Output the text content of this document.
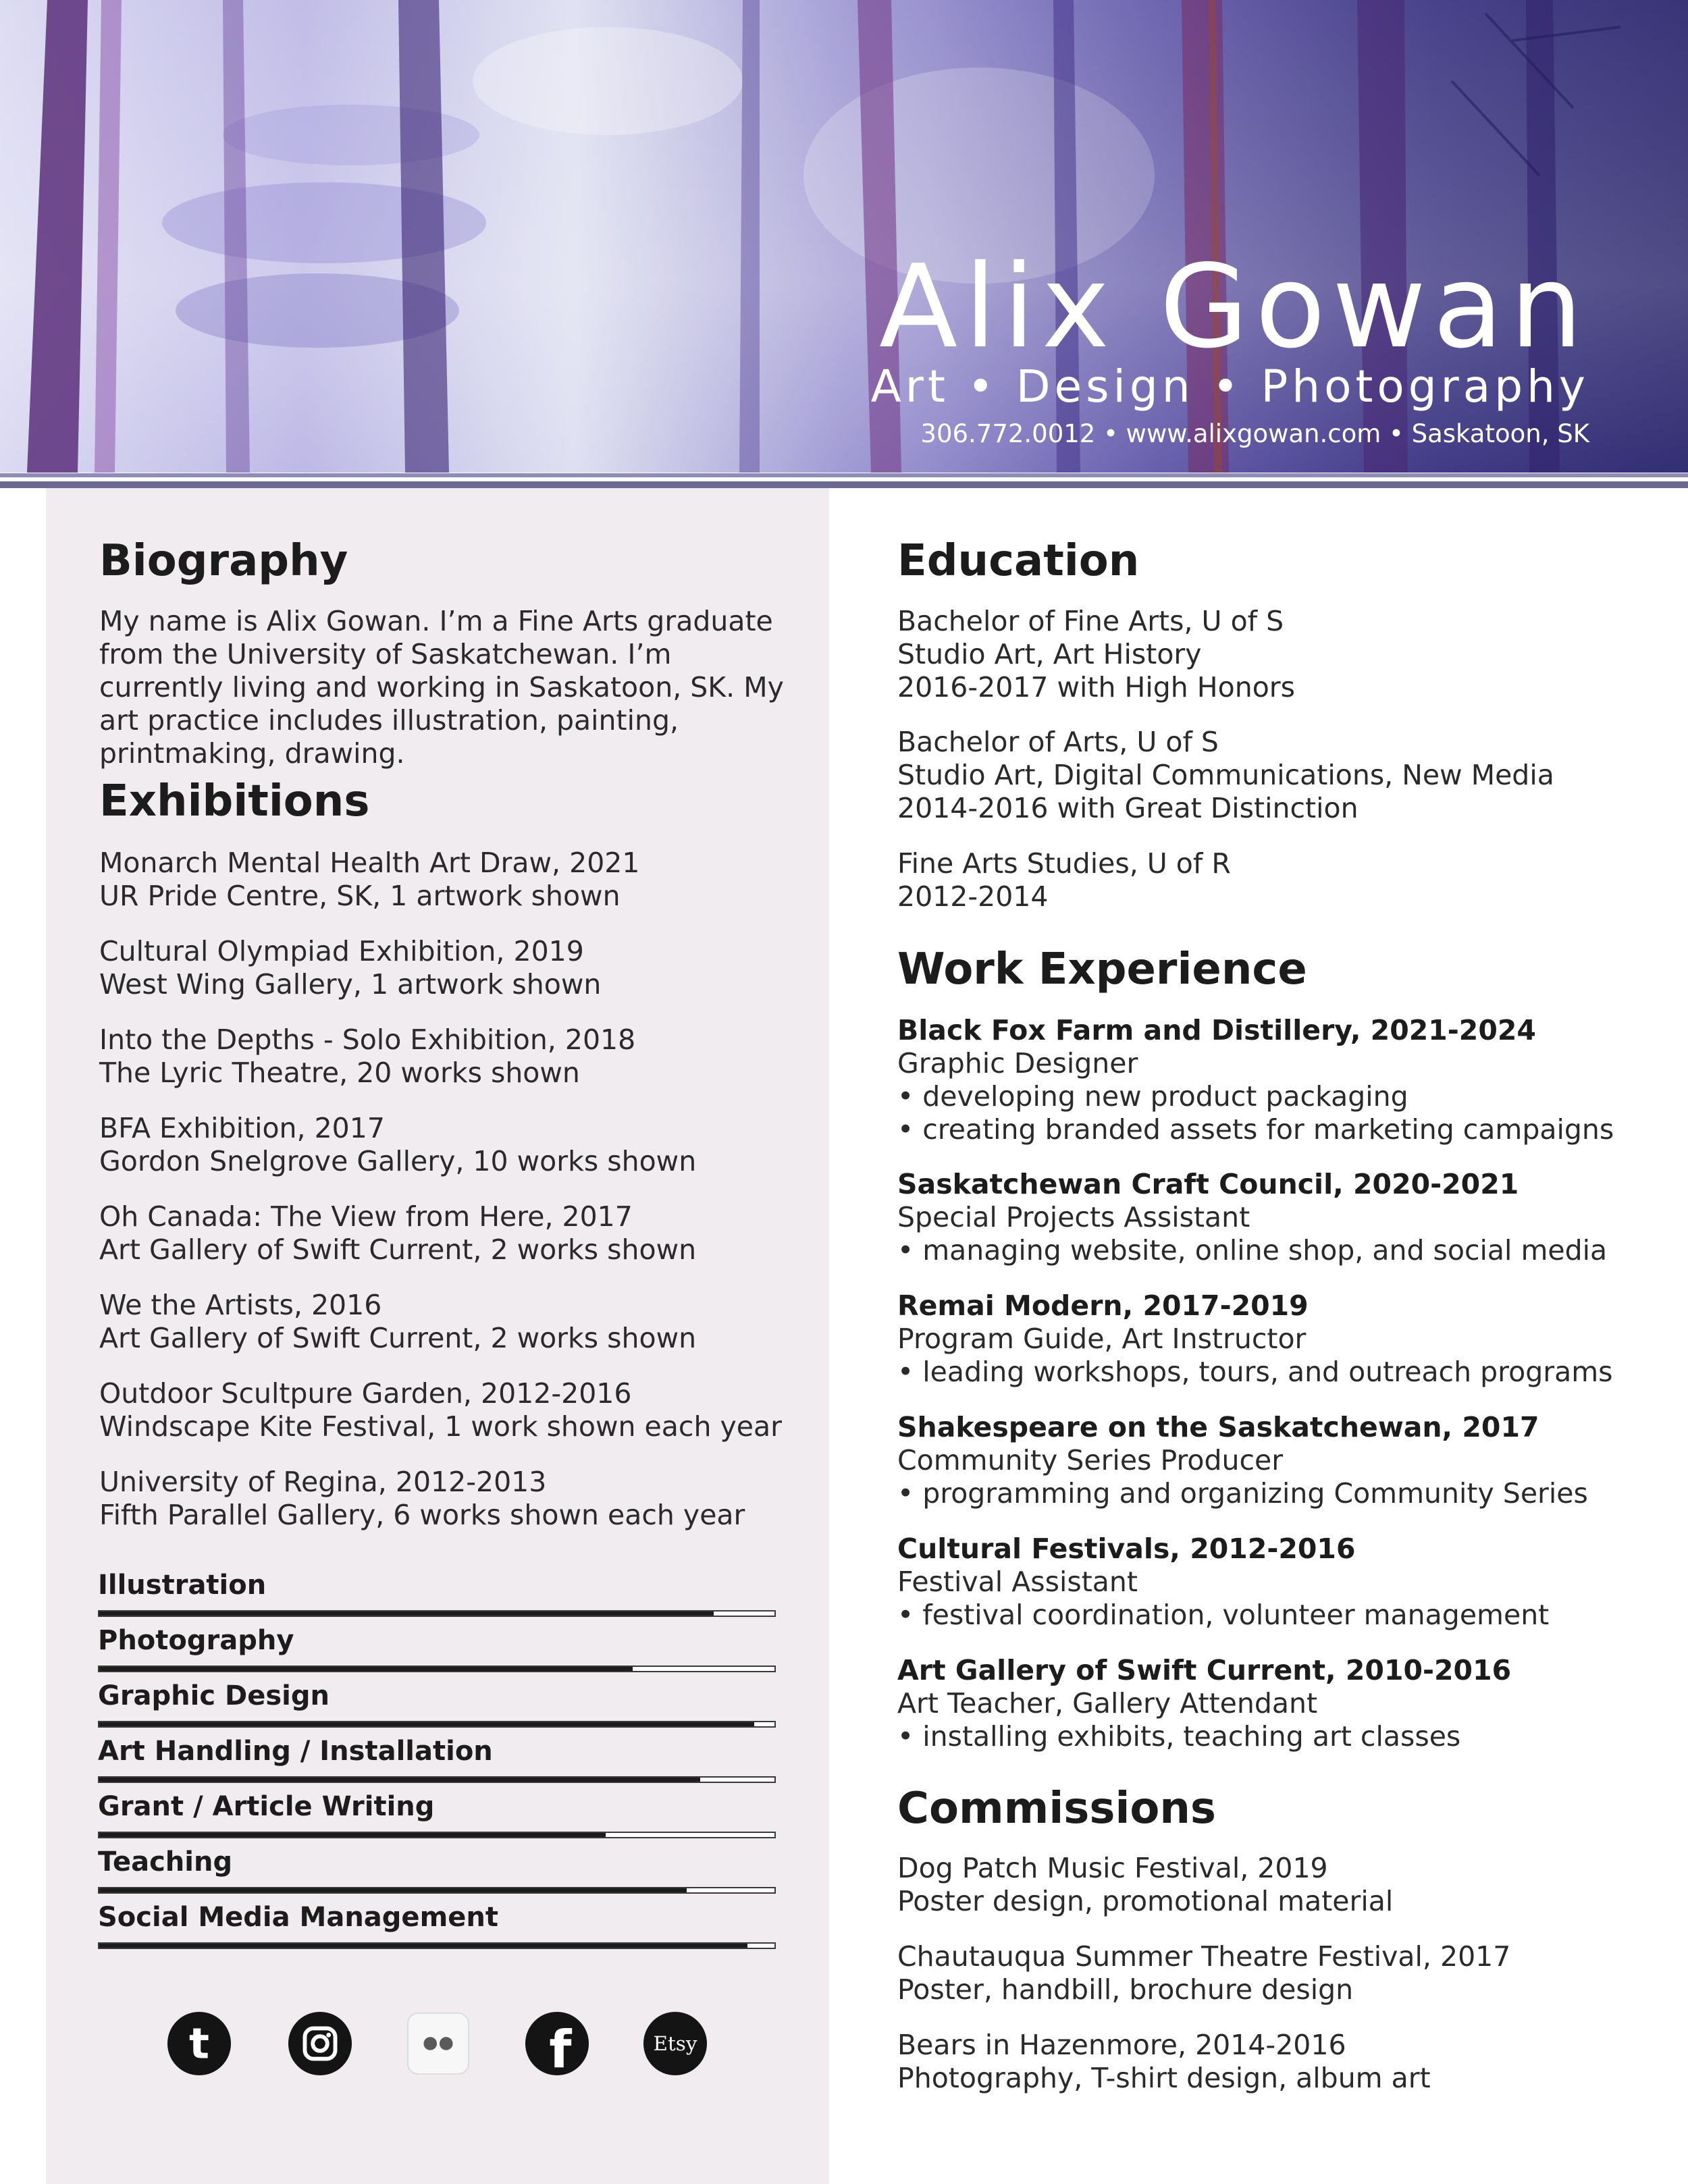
Alix Gowan
Art • Design • Photography
306.772.0012 • www.alixgowan.com • Saskatoon, SK
Biography
My name is Alix Gowan. I’m a Fine Arts graduate from the University of Saskatchewan. I’m currently living and working in Saskatoon, SK. My art practice includes illustration, painting, printmaking, drawing.
Exhibitions
Monarch Mental Health Art Draw, 2021
UR Pride Centre, SK, 1 artwork shown
Cultural Olympiad Exhibition, 2019
West Wing Gallery, 1 artwork shown
Into the Depths - Solo Exhibition, 2018
The Lyric Theatre, 20 works shown
BFA Exhibition, 2017
Gordon Snelgrove Gallery, 10 works shown
Oh Canada: The View from Here, 2017
Art Gallery of Swift Current, 2 works shown
We the Artists, 2016
Art Gallery of Swift Current, 2 works shown
Outdoor Scultpure Garden, 2012-2016
Windscape Kite Festival, 1 work shown each year
University of Regina, 2012-2013
Fifth Parallel Gallery, 6 works shown each year
Illustration
Photography
Graphic Design
Art Handling / Installation
Grant / Article Writing
Teaching
Social Media Management
t	f	Etsy
Education
Bachelor of Fine Arts, U of S
Studio Art, Art History
2016-2017 with High Honors
Bachelor of Arts, U of S
Studio Art, Digital Communications, New Media
2014-2016 with Great Distinction
Fine Arts Studies, U of R
2012-2014
Work Experience
Black Fox Farm and Distillery, 2021-2024
Graphic Designer
• developing new product packaging
• creating branded assets for marketing campaigns
Saskatchewan Craft Council, 2020-2021
Special Projects Assistant
• managing website, online shop, and social media
Remai Modern, 2017-2019
Program Guide, Art Instructor
• leading workshops, tours, and outreach programs
Shakespeare on the Saskatchewan, 2017
Community Series Producer
• programming and organizing Community Series
Cultural Festivals, 2012-2016
Festival Assistant
• festival coordination, volunteer management
Art Gallery of Swift Current, 2010-2016
Art Teacher, Gallery Attendant
• installing exhibits, teaching art classes
Commissions
Dog Patch Music Festival, 2019
Poster design, promotional material
Chautauqua Summer Theatre Festival, 2017
Poster, handbill, brochure design
Bears in Hazenmore, 2014-2016
Photography, T-shirt design, album art
